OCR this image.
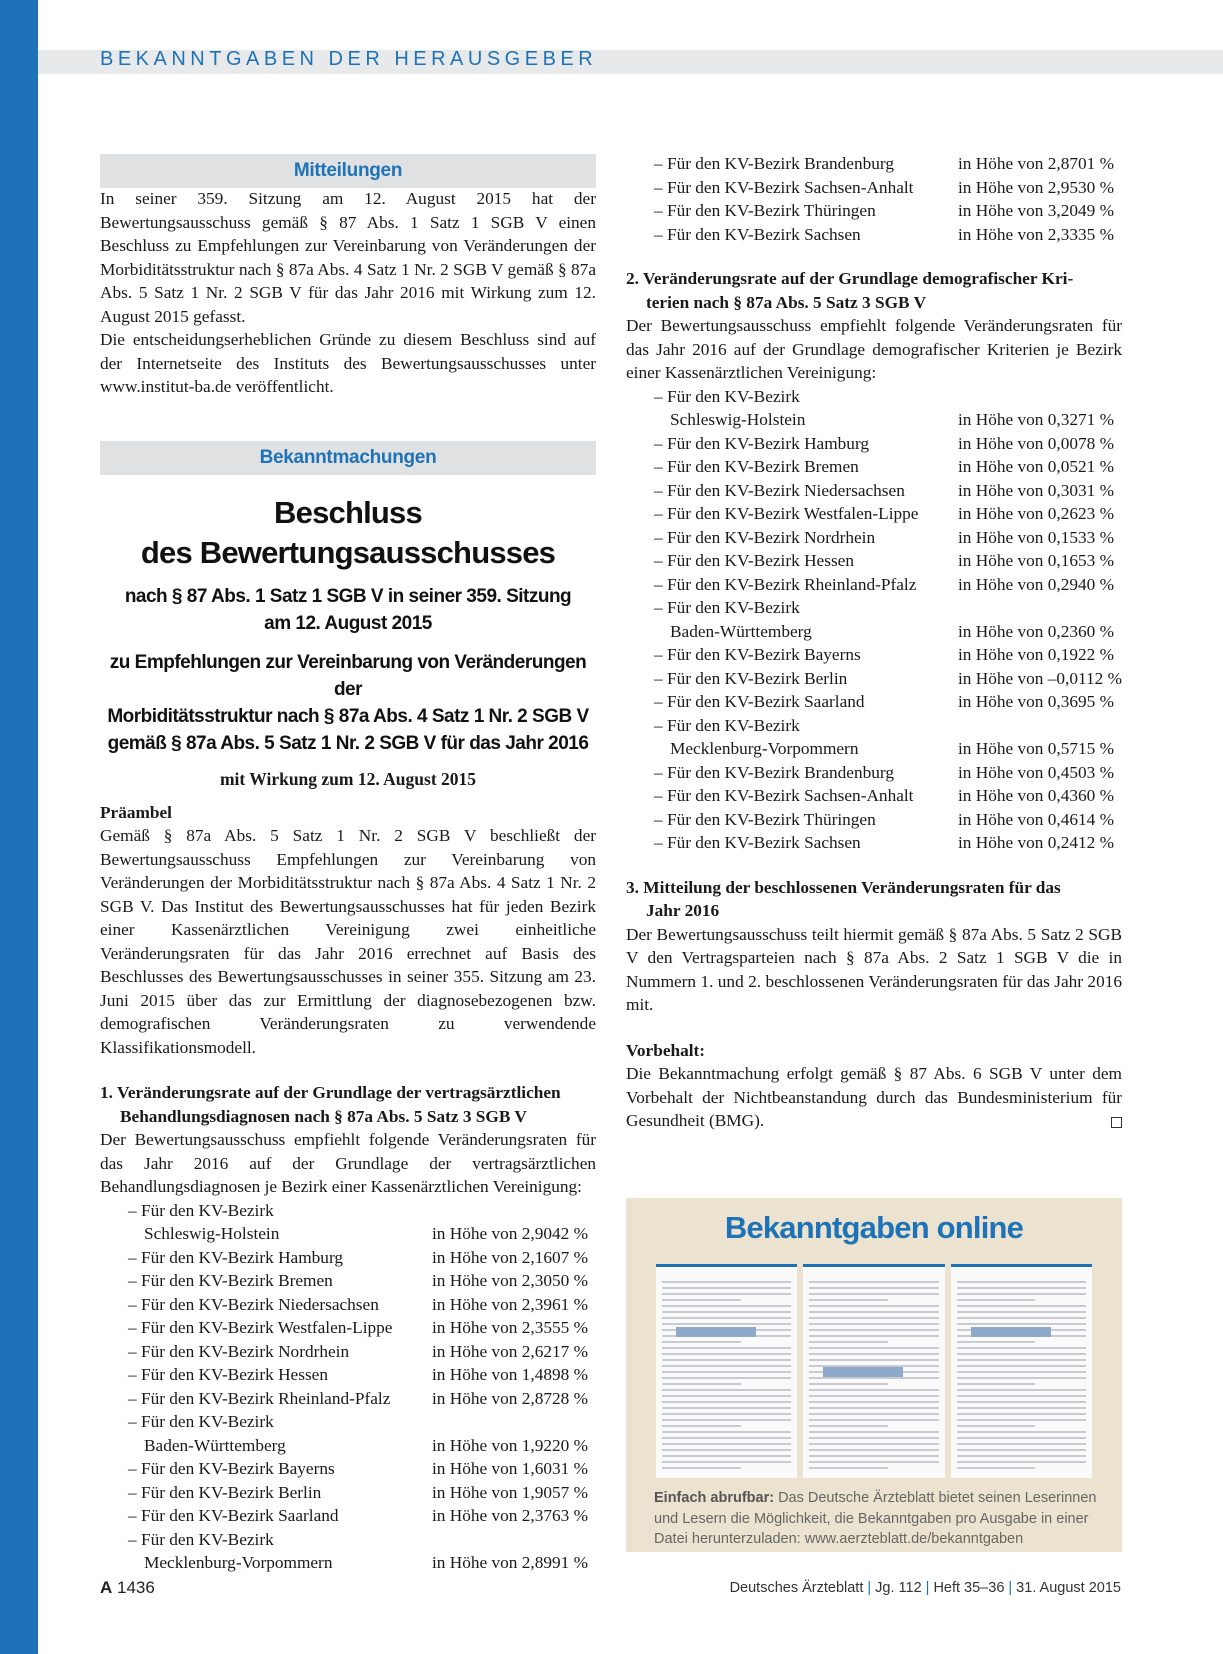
BEKANNTGABEN DER HERAUSGEBER
Mitteilungen

In seiner 359. Sitzung am 12. August 2015 hat der Bewertungsausschuss gemäß § 87 Abs. 1 Satz 1 SGB V einen Beschluss zu Empfehlungen zur Vereinbarung von Veränderungen der Morbiditätsstruktur nach § 87a Abs. 4 Satz 1 Nr. 2 SGB V gemäß § 87a Abs. 5 Satz 1 Nr. 2 SGB V für das Jahr 2016 mit Wirkung zum 12. August 2015 gefasst.

Die entscheidungserheblichen Gründe zu diesem Beschluss sind auf der Internetseite des Instituts des Bewertungsausschusses unter www.institut-ba.de veröffentlicht.

Bekanntmachungen
Beschluss
des Bewertungsausschusses
nach § 87 Abs. 1 Satz 1 SGB V in seiner 359. Sitzung
am 12. August 2015
zu Empfehlungen zur Vereinbarung von Veränderungen der
Morbiditätsstruktur nach § 87a Abs. 4 Satz 1 Nr. 2 SGB V
gemäß § 87a Abs. 5 Satz 1 Nr. 2 SGB V für das Jahr 2016
mit Wirkung zum 12. August 2015
Präambel

Gemäß § 87a Abs. 5 Satz 1 Nr. 2 SGB V beschließt der Bewertungsausschuss Empfehlungen zur Vereinbarung von Veränderungen der Morbiditätsstruktur nach § 87a Abs. 4 Satz 1 Nr. 2 SGB V. Das Institut des Bewertungsausschusses hat für jeden Bezirk einer Kassenärztlichen Vereinigung zwei einheitliche Veränderungsraten für das Jahr 2016 errechnet auf Basis des Beschlusses des Bewertungsausschusses in seiner 355. Sitzung am 23. Juni 2015 über das zur Ermittlung der diagnosebezogenen bzw. demografischen Veränderungsraten zu verwendende Klassifikationsmodell.

1. Veränderungsrate auf der Grundlage der vertragsärztlichen
Behandlungsdiagnosen nach § 87a Abs. 5 Satz 3 SGB V

Der Bewertungsausschuss empfiehlt folgende Veränderungsraten für das Jahr 2016 auf der Grundlage der vertragsärztlichen Behandlungsdiagnosen je Bezirk einer Kassenärztlichen Vereinigung:

– Für den KV-Bezirk
Schleswig-Holstein	in Höhe von 2,9042 %
– Für den KV-Bezirk Hamburg	in Höhe von 2,1607 %
– Für den KV-Bezirk Bremen	in Höhe von 2,3050 %
– Für den KV-Bezirk Niedersachsen	in Höhe von 2,3961 %
– Für den KV-Bezirk Westfalen-Lippe in Höhe von 2,3555 %
– Für den KV-Bezirk Nordrhein	in Höhe von 2,6217 %
– Für den KV-Bezirk Hessen	in Höhe von 1,4898 %
– Für den KV-Bezirk Rheinland-Pfalz in Höhe von 2,8728 %
– Für den KV-Bezirk
Baden-Württemberg	in Höhe von 1,9220 %
– Für den KV-Bezirk Bayerns	in Höhe von 1,6031 %
– Für den KV-Bezirk Berlin	in Höhe von 1,9057 %
– Für den KV-Bezirk Saarland	in Höhe von 2,3763 %
– Für den KV-Bezirk
Mecklenburg-Vorpommern	in Höhe von 2,8991 %
– Für den KV-Bezirk Brandenburg	in Höhe von 2,8701 %
– Für den KV-Bezirk Sachsen-Anhalt	in Höhe von 2,9530 %
– Für den KV-Bezirk Thüringen	in Höhe von 3,2049 %
– Für den KV-Bezirk Sachsen	in Höhe von 2,3335 %
2. Veränderungsrate auf der Grundlage demografischer Kri-
terien nach § 87a Abs. 5 Satz 3 SGB V

Der Bewertungsausschuss empfiehlt folgende Veränderungsraten für das Jahr 2016 auf der Grundlage demografischer Kriterien je Bezirk einer Kassenärztlichen Vereinigung:

– Für den KV-Bezirk
Schleswig-Holstein	in Höhe von 0,3271 %
– Für den KV-Bezirk Hamburg	in Höhe von 0,0078 %
– Für den KV-Bezirk Bremen	in Höhe von 0,0521 %
– Für den KV-Bezirk Niedersachsen	in Höhe von 0,3031 %
– Für den KV-Bezirk Westfalen-Lippe in Höhe von 0,2623 %
– Für den KV-Bezirk Nordrhein	in Höhe von 0,1533 %
– Für den KV-Bezirk Hessen	in Höhe von 0,1653 %
– Für den KV-Bezirk Rheinland-Pfalz in Höhe von 0,2940 %
– Für den KV-Bezirk
Baden-Württemberg	in Höhe von 0,2360 %
– Für den KV-Bezirk Bayerns	in Höhe von 0,1922 %
– Für den KV-Bezirk Berlin	in Höhe von –0,0112 %
– Für den KV-Bezirk Saarland	in Höhe von 0,3695 %
– Für den KV-Bezirk
Mecklenburg-Vorpommern	in Höhe von 0,5715 %
– Für den KV-Bezirk Brandenburg	in Höhe von 0,4503 %
– Für den KV-Bezirk Sachsen-Anhalt	in Höhe von 0,4360 %
– Für den KV-Bezirk Thüringen	in Höhe von 0,4614 %
– Für den KV-Bezirk Sachsen	in Höhe von 0,2412 %
3. Mitteilung der beschlossenen Veränderungsraten für das
Jahr 2016

Der Bewertungsausschuss teilt hiermit gemäß § 87a Abs. 5 Satz 2 SGB V den Vertragsparteien nach § 87a Abs. 2 Satz 1 SGB V die in Nummern 1. und 2. beschlossenen Veränderungsraten für das Jahr 2016 mit.

Vorbehalt:

Die Bekanntmachung erfolgt gemäß § 87 Abs. 6 SGB V unter dem Vorbehalt der Nichtbeanstandung durch das Bundesministerium für Gesundheit (BMG).

Bekanntgaben online
Einfach abrufbar: Das Deutsche Ärzteblatt bietet seinen Leserinnen und Lesern die Möglichkeit, die Bekanntgaben pro Ausgabe in einer Datei herunterzuladen: www.aerzteblatt.de/bekanntgaben
A 1436	Deutsches Ärzteblatt | Jg. 112 | Heft 35–36 | 31. August 2015
